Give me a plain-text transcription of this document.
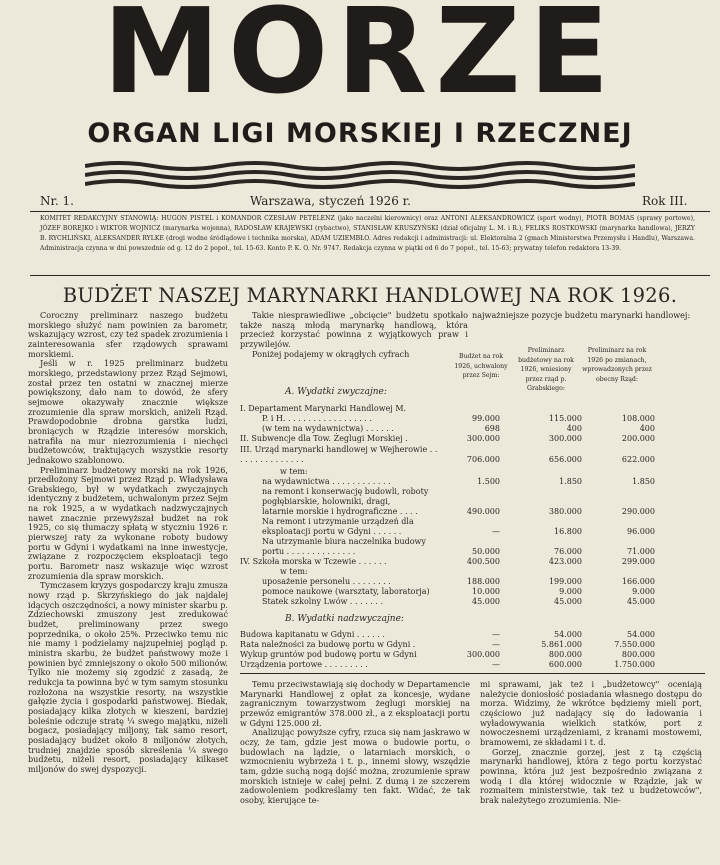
MORZE
ORGAN LIGI MORSKIEJ I RZECZNEJ
Nr. 1.	Warszawa, styczeń 1926 r.	Rok III.
KOMITET REDAKCYJNY STANOWIĄ: HUGON PISTEL i KOMANDOR CZESŁAW PETELENZ (jako naczelni kierownicy) oraz ANTONI ALEKSANDROWICZ (sport wodny), PIOTR BOMAS (sprawy portowe), JÓZEF BOREJKO i WIKTOR WOJNICZ (marynarka wojenna), RADOSŁAW KRAJEWSKI (rybactwo), STANISŁAW KRUSZYŃSKI (dział oficjalny L. M. i R.), FELIKS ROSTKOWSKI (marynarka handlowa), JERZY B. RYCHLIŃSKI, ALEKSANDER RYLKE (drogi wodne śródlądowe i technika morska), ADAM UZIEMBŁO. Adres redakcji i administracji: ul. Elektoralna 2 (gmach Ministerstwa Przemysłu i Handlu), Warszawa. Administracja czynna w dni powszednie od g. 12 do 2 popoł., tel. 15-63. Konto P. K. O. Nr. 9747. Redakcja czynna w piątki od 6 do 7 popoł., tel. 15-63; prywatny telefon redaktora 13-39.
BUDŻET NASZEJ MARYNARKI HANDLOWEJ NA ROK 1926.

Coroczny preliminarz naszego budżetu morskiego służyć nam powinien za barometr, wskazujący wzrost, czy też spadek zrozumienia i zainteresowania sfer rządowych sprawami morskiemi.

Jeśli w r. 1925 preliminarz budżetu morskiego, przedstawiony przez Rząd Sejmowi, został przez ten ostatni w znacznej mierze powiększony, dało nam to dowód, że sfery sejmowe okazywały znacznie większe zrozumienie dla spraw morskich, aniżeli Rząd. Prawdopodobnie drobna garstka ludzi, broniących w Rządzie interesów morskich, natrafiła na mur niezrozumienia i niechęci budżetowców, traktujących wszystkie resorty jednakowo szablonowo.

Preliminarz budżetowy morski na rok 1926, przedłożony Sejmowi przez Rząd p. Władysława Grabskiego, był w wydatkach zwyczajnych identyczny z budżetem, uchwalonym przez Sejm na rok 1925, a w wydatkach nadzwyczajnych nawet znacznie przewyższał budżet na rok 1925, co się tłumaczy spłatą w styczniu 1926 r. pierwszej raty za wykonane roboty budowy portu w Gdyni i wydatkami na inne inwestycje, związane z rozpoczęciem eksploatacji tego portu. Barometr nasz wskazuje więc wzrost zrozumienia dla spraw morskich.

Tymczasem kryzys gospodarczy kraju zmusza nowy rząd p. Skrzyńskiego do jak najdalej idących oszczędności, a nowy minister skarbu p. Zdziechowski zmuszony jest zredukować budżet, preliminowany przez swego poprzednika, o około 25%. Przeciwko temu nic nie mamy i podzielamy najzupełniej pogląd p. ministra skarbu, że budżet państwowy może i powinien być zmniejszony o około 500 milionów. Tylko nie możemy się zgodzić z zasadą, że redukcja ta powinna być w tym samym stosunku rozłożona na wszystkie resorty, na wszystkie gałęzie życia i gospodarki państwowej. Biedak, posiadający kilka złotych w kieszeni, bardziej boleśnie odczuje stratę ¼ swego majątku, niżeli bogacz, posiadający miljony, tak samo resort, posiadający budżet około 8 miljonów złotych, trudniej znajdzie sposób skreślenia ¼ swego budżetu, niżeli resort, posiadający kilkaset miljonów do swej dyspozycji.

Takie niesprawiedliwe „obcięcie" budżetu spotkało także naszą młodą marynarkę handlową, która przecież korzystać powinna z wyjątkowych praw i przywilejów.

Poniżej podajemy w okrągłych cyfrach

najważniejsze pozycje budżetu marynarki handlowej:

Budżet na rok 1926, uchwalony przez Sejm:
Preliminarz budżetowy na rok 1926, wniesiony przez rząd p. Grabskiego:
Preliminarz na rok 1926 po zmianach, wprowadzonych przez obecny Rząd:
A. Wydatki zwyczajne:
I. Departament Marynarki Handlowej M.
P. i H. . . . . . . . . . . . . . . . . .	99.000	115.000	108.000
(w tem na wydawnictwa) . . . . . .	698	400	400
II. Subwencje dla Tow. Żeglugi Morskiej .	300.000	300.000	200.000
III. Urząd marynarki handlowej w Wejherowie . . . . . . . . . . . . . . .	706.000	656.000	622.000
w tem:
na wydawnictwa . . . . . . . . . . . .	1.500	1.850	1.850
na remont i konserwację budowli, roboty pogłębiarskie, holowniki, dragi,
latarnie morskie i hydrograficzne . . . .	490.000	380.000	290.000
Na remont i utrzymanie urządzeń dla
eksploatacji portu w Gdyni . . . . . .	—	16.800	96.000
Na utrzymanie biura naczelnika budowy portu . . . . . . . . . . . . . .	50.000	76.000	71.000
IV. Szkoła morska w Tczewie . . . . . .	400.500	423.000	299.000
w tem:
uposażenie personelu . . . . . . . .	188.000	199.000	166.000
pomoce naukowe (warsztaty, laboratorja)	10.000	9.000	9.000
Statek szkolny Lwów . . . . . . .	45.000	45.000	45.000
B. Wydatki nadzwyczajne:
Budowa kapitanatu w Gdyni . . . . . .	—	54.000	54.000
Rata należności za budowę portu w Gdyni .	—	5.861.000	7.550.000
Wykup gruntów pod budowę portu w Gdyni	300.000	800.000	800.000
Urządzenia portowe . . . . . . . . .	—	600.000	1.750.000

Temu przeciwstawiają się dochody w Departamencie Marynarki Handlowej z opłat za koncesje, wydane zagranicznym towarzystwom żeglugi morskiej na przewóz emigrantów 378.000 zł., a z eksploatacji portu w Gdyni 125.000 zł.

Analizując powyższe cyfry, rzuca się nam jaskrawo w oczy, że tam, gdzie jest mowa o budowie portu, o budowlach na lądzie, o latarniach morskich, o wzmocnieniu wybrzeża i t. p., innemi słowy, wszędzie tam, gdzie suchą nogą dojść można, zrozumienie spraw morskich istnieje w całej pełni. Z dumą i ze szczerem zadowoleniem podkreślamy ten fakt. Widać, że tak osoby, kierujące te-

mi sprawami, jak też i „budżetowcy" oceniają należycie doniosłość posiadania własnego dostępu do morza. Widzimy, że wkrótce będziemy mieli port, częściowo już nadający się do ładowania i wyładowywania wielkich statków, port z nowoczesnemi urządzeniami, z kranami mostowemi, bramowemi, ze składami i t. d.

Gorzej, znacznie gorzej, jest z tą częścią marynarki handlowej, która z tego portu korzystać powinna, która już jest bezpośrednio związana z wodą i dla której widocznie w Rządzie, jak w rozmaitem ministerstwie, tak też u budżetowców", brak należytego zrozumienia. Nie-
